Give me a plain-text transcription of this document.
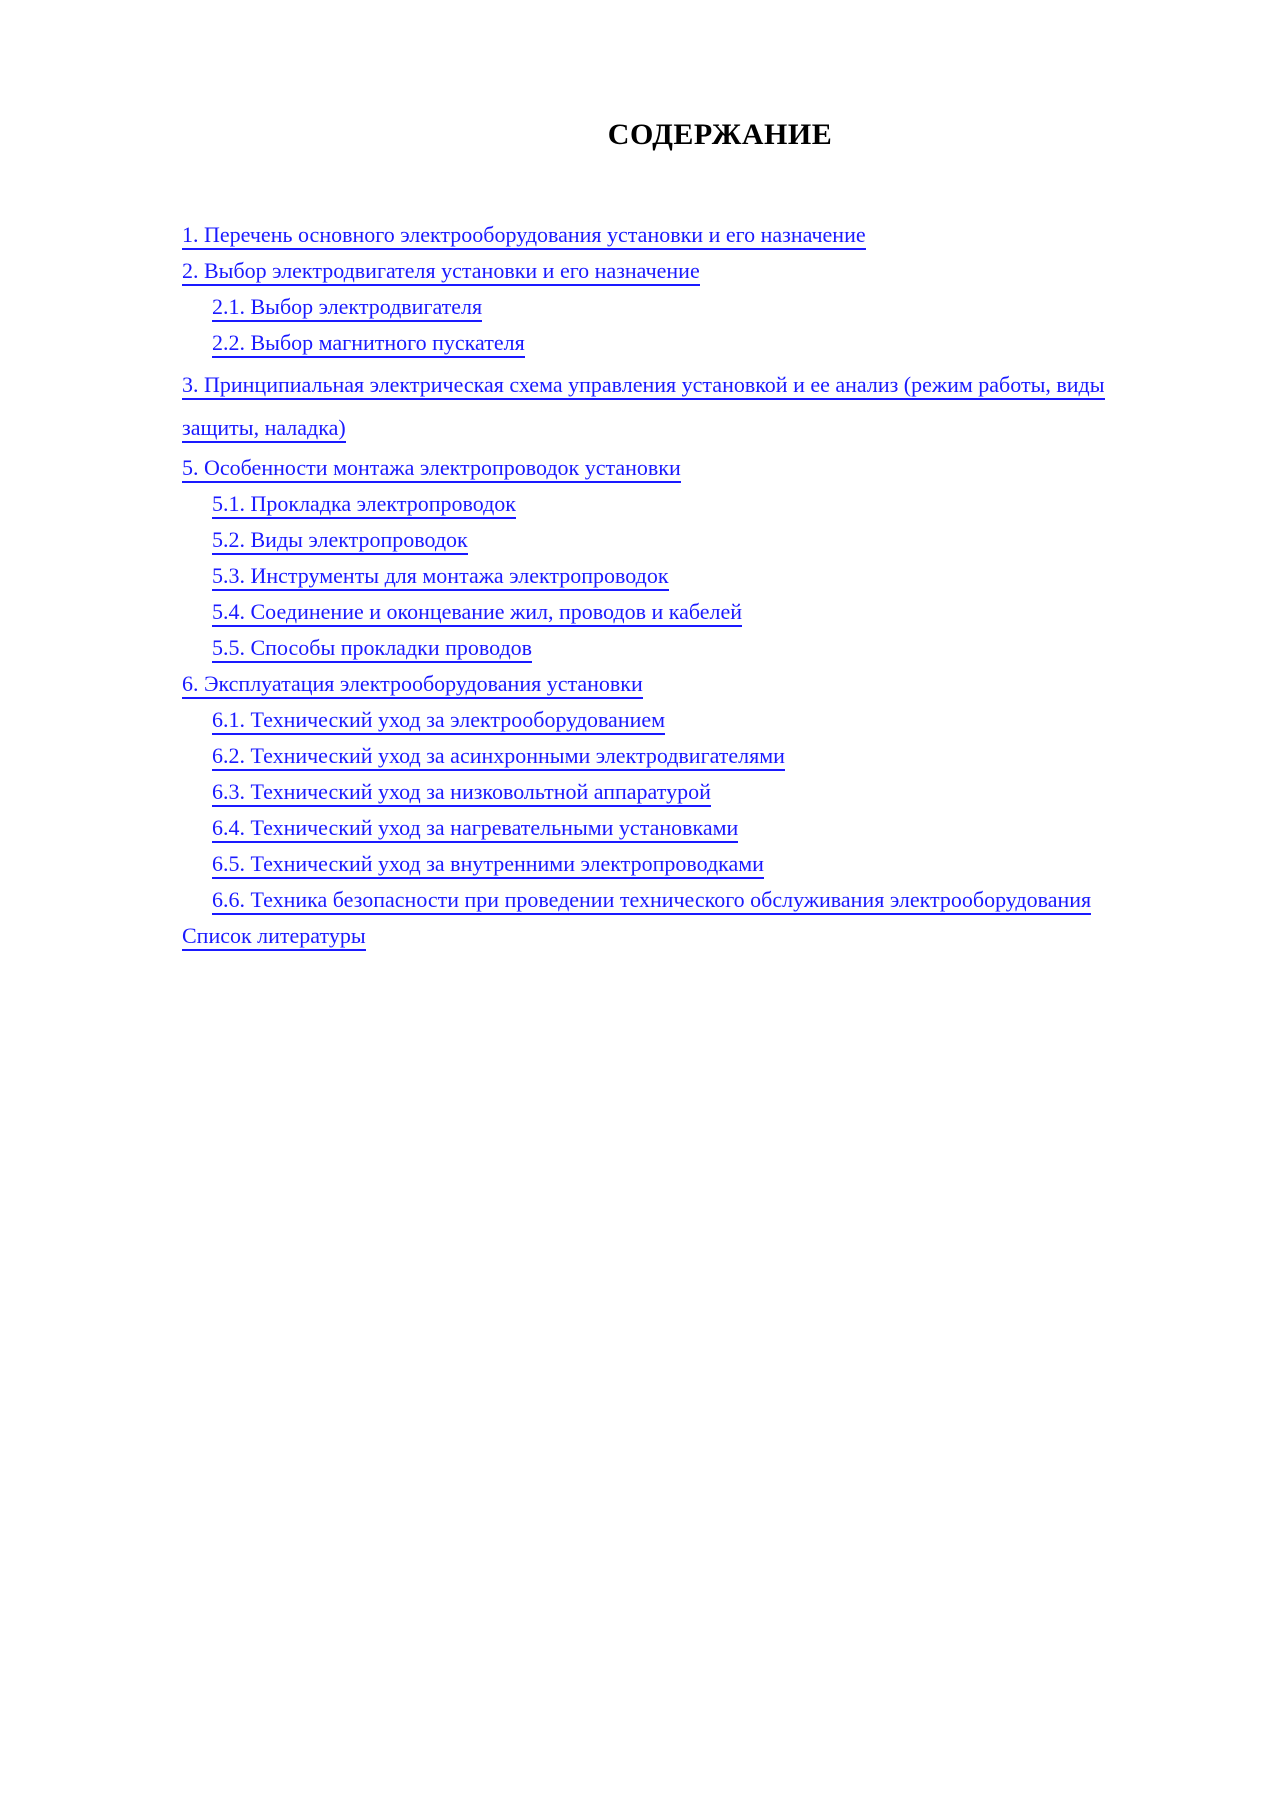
СОДЕРЖАНИЕ
1. Перечень основного электрооборудования установки и его назначение
2. Выбор электродвигателя установки и его назначение
2.1. Выбор электродвигателя
2.2. Выбор магнитного пускателя
3. Принципиальная электрическая схема управления установкой и ее анализ (режим работы, виды защиты, наладка)
5. Особенности монтажа электропроводок установки
5.1. Прокладка электропроводок
5.2. Виды электропроводок
5.3. Инструменты для монтажа электропроводок
5.4. Соединение и оконцевание жил, проводов и кабелей
5.5. Способы прокладки проводов
6. Эксплуатация электрооборудования установки
6.1. Технический уход за электрооборудованием
6.2. Технический уход за асинхронными электродвигателями
6.3. Технический уход за низковольтной аппаратурой
6.4. Технический уход за нагревательными установками
6.5. Технический уход за внутренними электропроводками
6.6. Техника безопасности при проведении технического обслуживания электрооборудования
Список литературы
